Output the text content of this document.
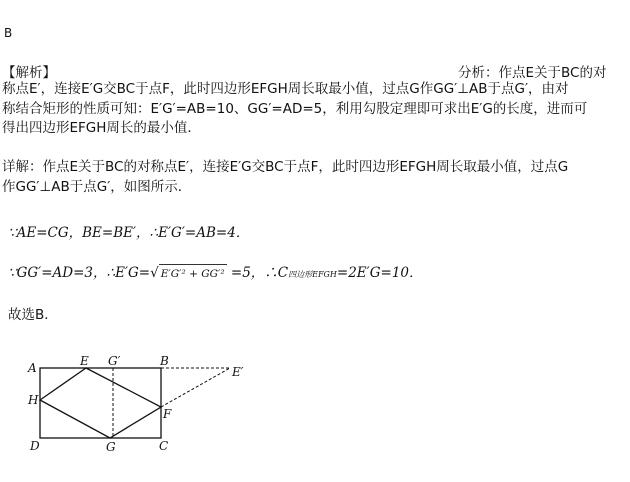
B
【解析】	分析：作点E关于BC的对
称点E′，连接E′G交BC于点F，此时四边形EFGH周长取最小值，过点G作GG′⊥AB于点G′，由对
称结合矩形的性质可知：E′G′=AB=10、GG′=AD=5，利用勾股定理即可求出E′G的长度，进而可
得出四边形EFGH周长的最小值．
详解：作点E关于BC的对称点E′，连接E′G交BC于点F，此时四边形EFGH周长取最小值，过点G
作GG′⊥AB于点G′，如图所示．
∵AE=CG，BE=BE′，∴E′G′=AB=4．
∵GG′=AD=3，∴E′G=√ E′G′² + GG′² =5，∴C四边形EFGH=2E′G=10．
故选B．
A	E G′	B
E′
H
F
D	G	C
